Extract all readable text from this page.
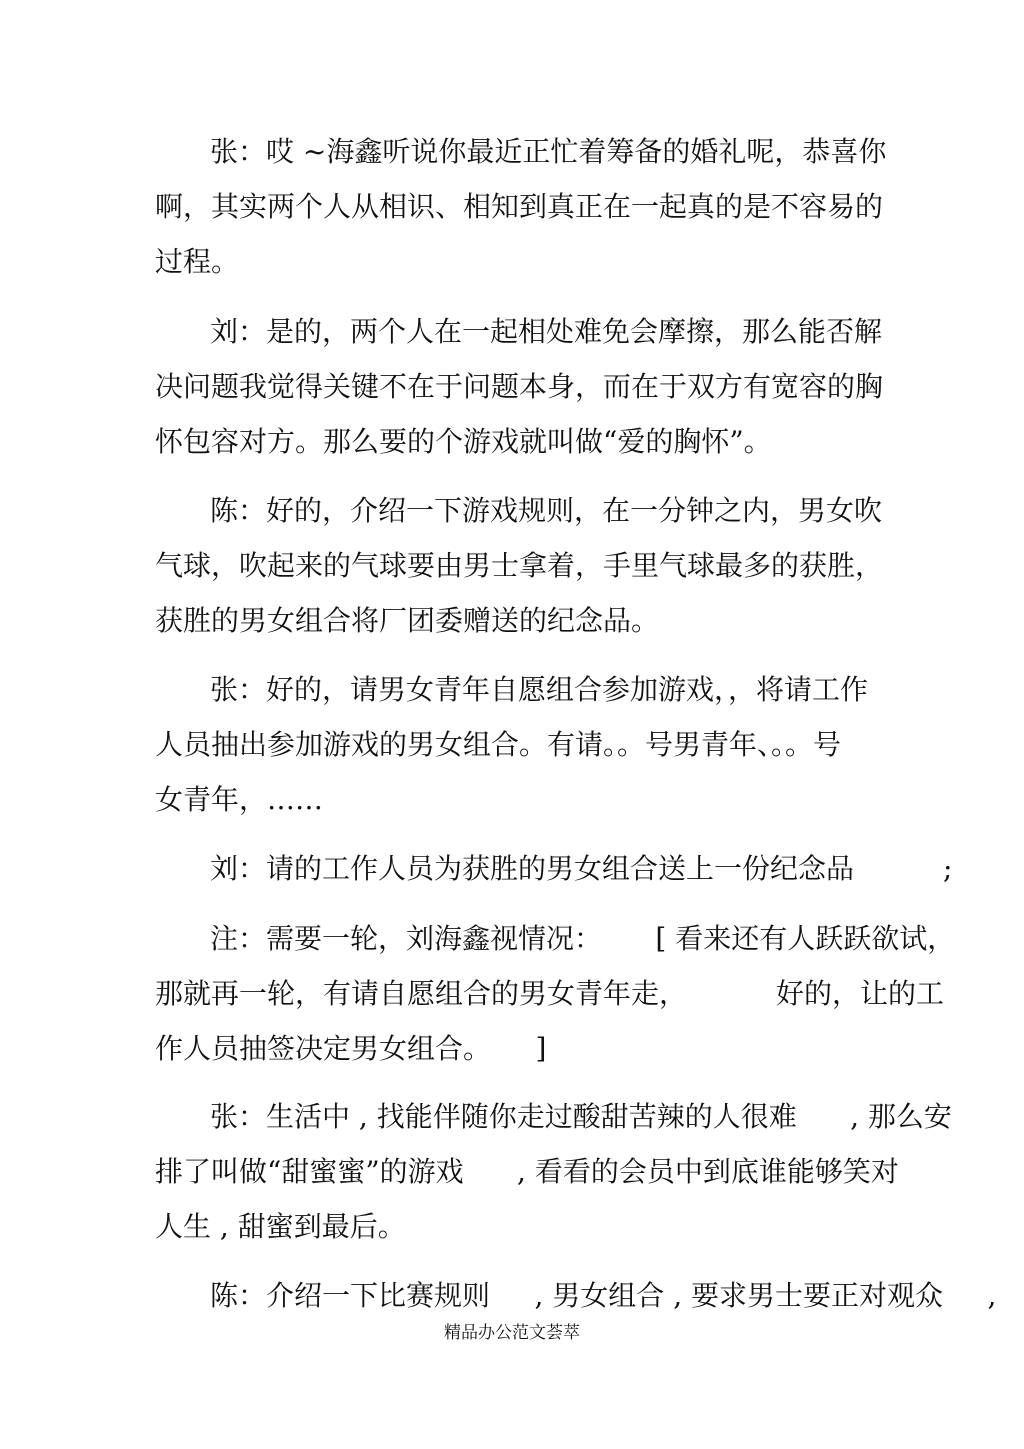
张：哎 ~海鑫听说你最近正忙着筹备的婚礼呢，恭喜你
啊，其实两个人从相识、相知到真正在一起真的是不容易的
过程。
刘：是的，两个人在一起相处难免会摩擦，那么能否解
决问题我觉得关键不在于问题本身，而在于双方有宽容的胸
怀包容对方。那么要的个游戏就叫做“爱的胸怀”。
陈：好的，介绍一下游戏规则，在一分钟之内，男女吹
气球，吹起来的气球要由男士拿着，手里气球最多的获胜，
获胜的男女组合将厂团委赠送的纪念品。
张：好的，请男女青年自愿组合参加游戏，，将请工作
人员抽出参加游戏的男女组合。有请。。号男青年、。。号
女青年，……
刘：请的工作人员为获胜的男女组合送上一份纪念品          ;
注：需要一轮，刘海鑫视情况：      [ 看来还有人跃跃欲试，
那就再一轮，有请自愿组合的男女青年走，          好的，让的工
作人员抽签决定男女组合。     ]
张：生活中 , 找能伴随你走过酸甜苦辣的人很难      , 那么安
排了叫做“甜蜜蜜”的游戏      , 看看的会员中到底谁能够笑对
人生 , 甜蜜到最后。
陈：介绍一下比赛规则     , 男女组合 , 要求男士要正对观众     ,
精品办公范文荟萃
